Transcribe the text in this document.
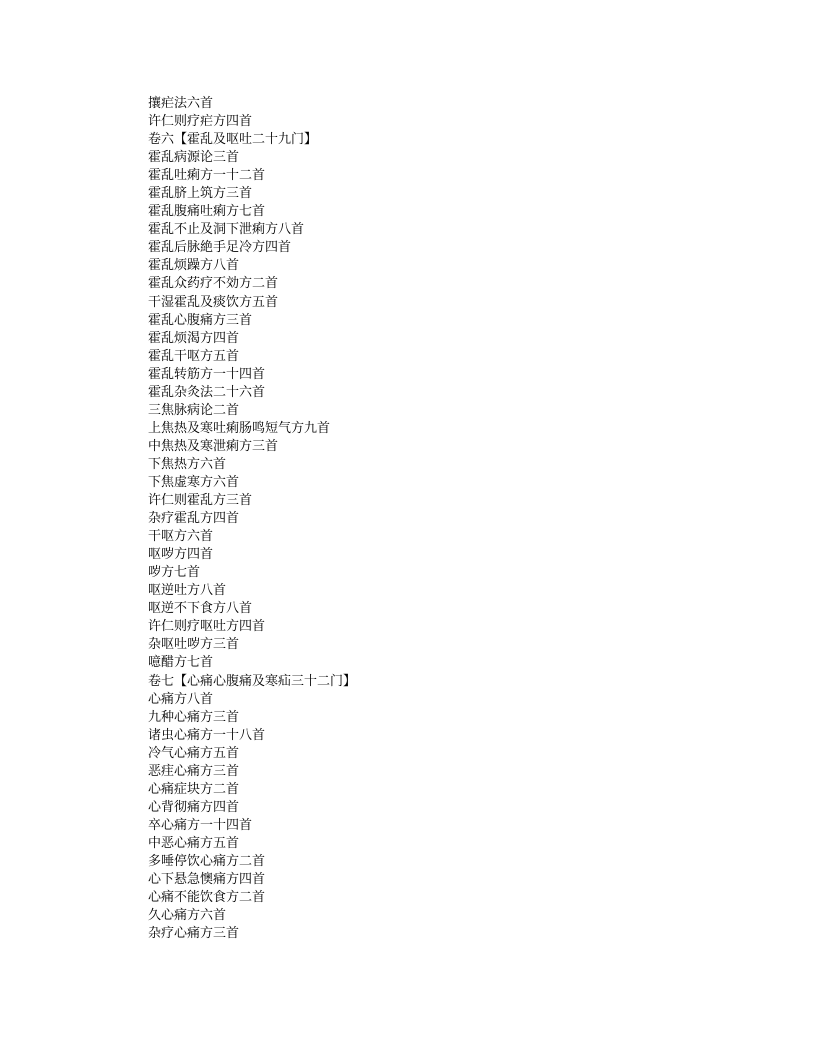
攘疟法六首
许仁则疗疟方四首
卷六【霍乱及呕吐二十九门】
霍乱病源论三首
霍乱吐痢方一十二首
霍乱脐上筑方三首
霍乱腹痛吐痢方七首
霍乱不止及洞下泄痢方八首
霍乱后脉絶手足冷方四首
霍乱烦躁方八首
霍乱众药疗不効方二首
干湿霍乱及痰饮方五首
霍乱心腹痛方三首
霍乱烦渴方四首
霍乱干呕方五首
霍乱转筋方一十四首
霍乱杂灸法二十六首
三焦脉病论二首
上焦热及寒吐痢肠鸣短气方九首
中焦热及寒泄痢方三首
下焦热方六首
下焦虚寒方六首
许仁则霍乱方三首
杂疗霍乱方四首
干呕方六首
呕哕方四首
哕方七首
呕逆吐方八首
呕逆不下食方八首
许仁则疗呕吐方四首
杂呕吐哕方三首
噫醋方七首
卷七【心痛心腹痛及寒疝三十二门】
心痛方八首
九种心痛方三首
诸虫心痛方一十八首
冷气心痛方五首
恶疰心痛方三首
心痛症块方二首
心背彻痛方四首
卒心痛方一十四首
中恶心痛方五首
多唾停饮心痛方二首
心下悬急懊痛方四首
心痛不能饮食方二首
久心痛方六首
杂疗心痛方三首
